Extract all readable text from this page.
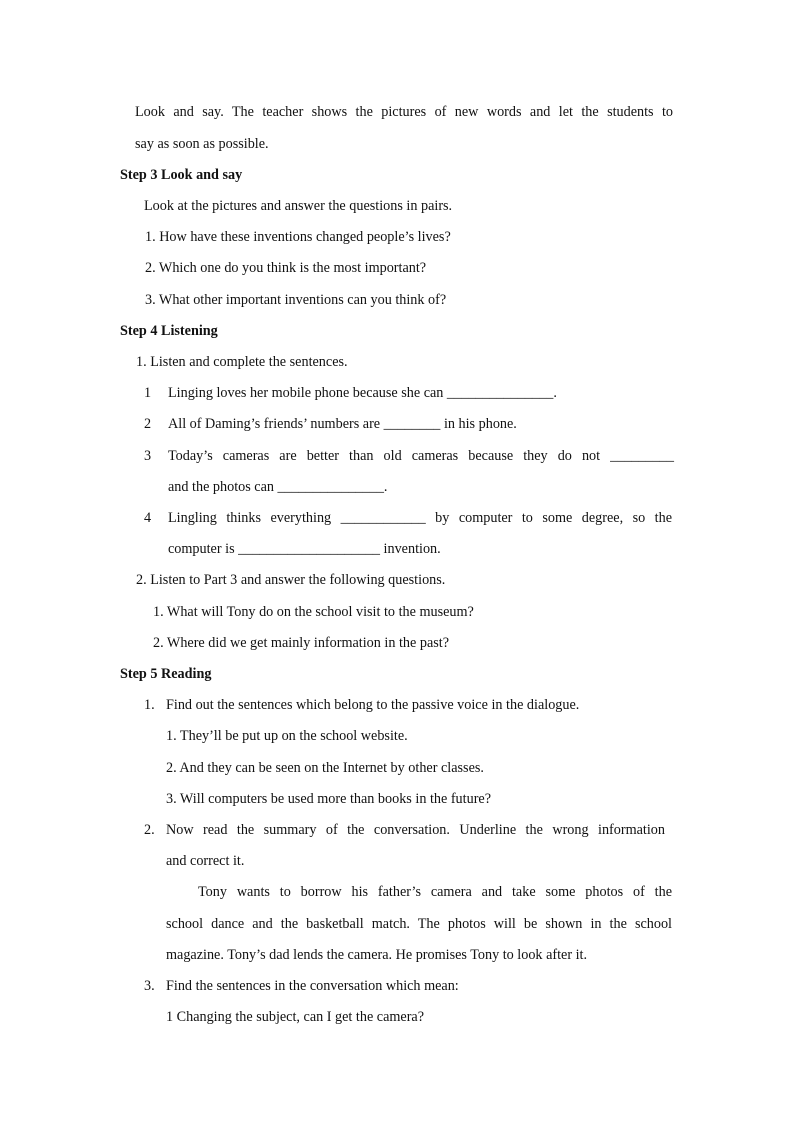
Look and say. The teacher shows the pictures of new words and let the students to
say as soon as possible.
Step 3 Look and say
Look at the pictures and answer the questions in pairs.
1. How have these inventions changed people’s lives?
2. Which one do you think is the most important?
3. What other important inventions can you think of?
Step 4 Listening
1. Listen and complete the sentences.
1 Linging loves her mobile phone because she can _______________.
2 All of Daming’s friends’ numbers are ________ in his phone.
3 Today’s cameras are better than old cameras because they do not _________
and the photos can _______________.
4 Lingling thinks everything ____________ by computer to some degree, so the
computer is ____________________ invention.
2. Listen to Part 3 and answer the following questions.
1. What will Tony do on the school visit to the museum?
2. Where did we get mainly information in the past?
Step 5 Reading
1. Find out the sentences which belong to the passive voice in the dialogue.
1. They’ll be put up on the school website.
2. And they can be seen on the Internet by other classes.
3. Will computers be used more than books in the future?
2. Now read the summary of the conversation. Underline the wrong information
and correct it.
Tony wants to borrow his father’s camera and take some photos of the
school dance and the basketball match. The photos will be shown in the school
magazine. Tony’s dad lends the camera. He promises Tony to look after it.
3. Find the sentences in the conversation which mean:
1 Changing the subject, can I get the camera?
